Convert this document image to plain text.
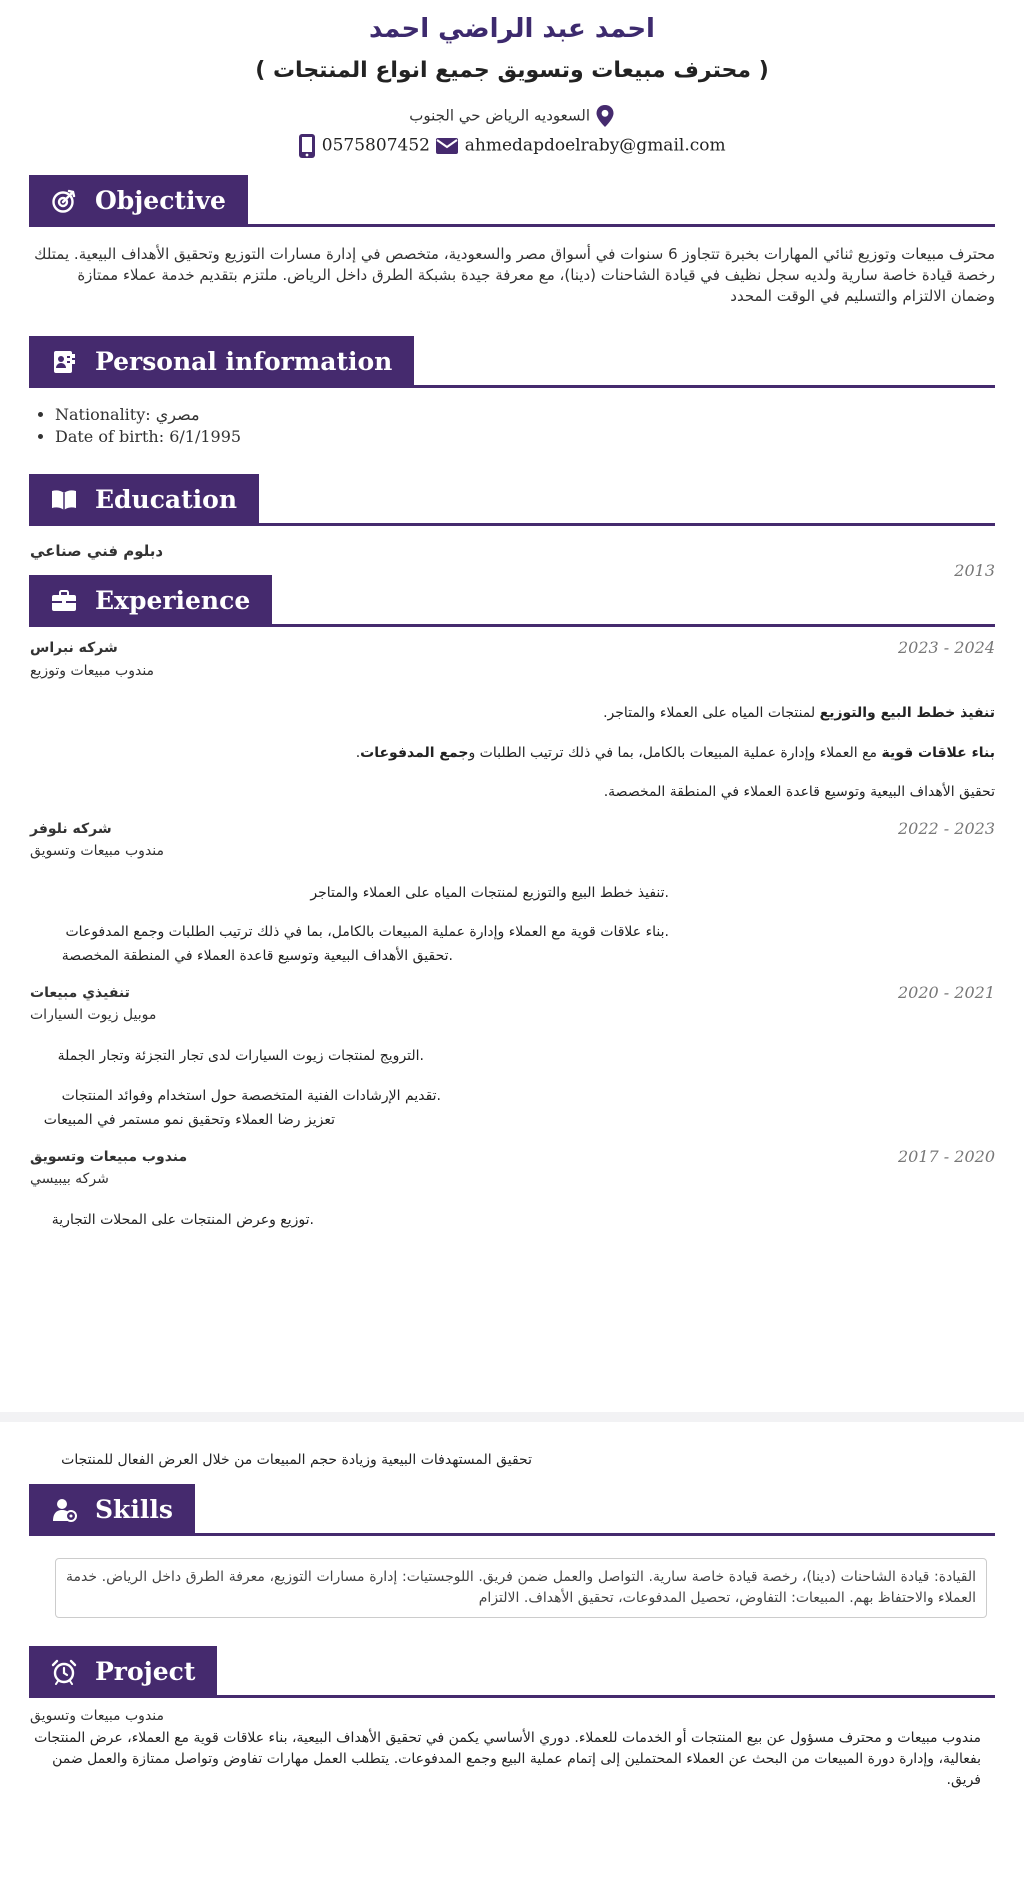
احمد عبد الراضي احمد
( محترف مبيعات وتسويق جميع انواع المنتجات )
السعوديه الرياض حي الجنوب
0575807452 ahmedapdoelraby@gmail.com
Objective
محترف مبيعات وتوزيع ثنائي المهارات بخبرة تتجاوز 6 سنوات في أسواق مصر والسعودية، متخصص في إدارة مسارات التوزيع وتحقيق الأهداف البيعية. يمتلك رخصة قيادة خاصة سارية ولديه سجل نظيف في قيادة الشاحنات (دينا)، مع معرفة جيدة بشبكة الطرق داخل الرياض. ملتزم بتقديم خدمة عملاء ممتازة وضمان الالتزام والتسليم في الوقت المحدد
Personal information
• Nationality: مصري
• Date of birth: 6/1/1995
Education
دبلوم فني صناعي
2013
Experience
شركه نبراس	2023 - 2024
مندوب مبيعات وتوزيع
تنفيذ خطط البيع والتوزيع لمنتجات المياه على العملاء والمتاجر.
بناء علاقات قوية مع العملاء وإدارة عملية المبيعات بالكامل، بما في ذلك ترتيب الطلبات وجمع المدفوعات.
تحقيق الأهداف البيعية وتوسيع قاعدة العملاء في المنطقة المخصصة.
شركه نلوفر	2022 - 2023
مندوب مبيعات وتسويق
.تنفيذ خطط البيع والتوزيع لمنتجات المياه على العملاء والمتاجر
.بناء علاقات قوية مع العملاء وإدارة عملية المبيعات بالكامل، بما في ذلك ترتيب الطلبات وجمع المدفوعات
.تحقيق الأهداف البيعية وتوسيع قاعدة العملاء في المنطقة المخصصة
تنفيذي مبيعات	2020 - 2021
موبيل زيوت السيارات
.الترويج لمنتجات زيوت السيارات لدى تجار التجزئة وتجار الجملة
.تقديم الإرشادات الفنية المتخصصة حول استخدام وفوائد المنتجات
تعزيز رضا العملاء وتحقيق نمو مستمر في المبيعات
مندوب مبيعات وتسويق	2017 - 2020
شركه بيبيسي
.توزيع وعرض المنتجات على المحلات التجارية
تحقيق المستهدفات البيعية وزيادة حجم المبيعات من خلال العرض الفعال للمنتجات
Skills
القيادة: قيادة الشاحنات (دينا)، رخصة قيادة خاصة سارية. التواصل والعمل ضمن فريق. اللوجستيات: إدارة مسارات التوزيع، معرفة الطرق داخل الرياض. خدمة العملاء والاحتفاظ بهم. المبيعات: التفاوض، تحصيل المدفوعات، تحقيق الأهداف. الالتزام
Project
مندوب مبيعات وتسويق
مندوب مبيعات و محترف مسؤول عن بيع المنتجات أو الخدمات للعملاء. دوري الأساسي يكمن في تحقيق الأهداف البيعية، بناء علاقات قوية مع العملاء، عرض المنتجات بفعالية، وإدارة دورة المبيعات من البحث عن العملاء المحتملين إلى إتمام عملية البيع وجمع المدفوعات. يتطلب العمل مهارات تفاوض وتواصل ممتازة والعمل ضمن فريق.
